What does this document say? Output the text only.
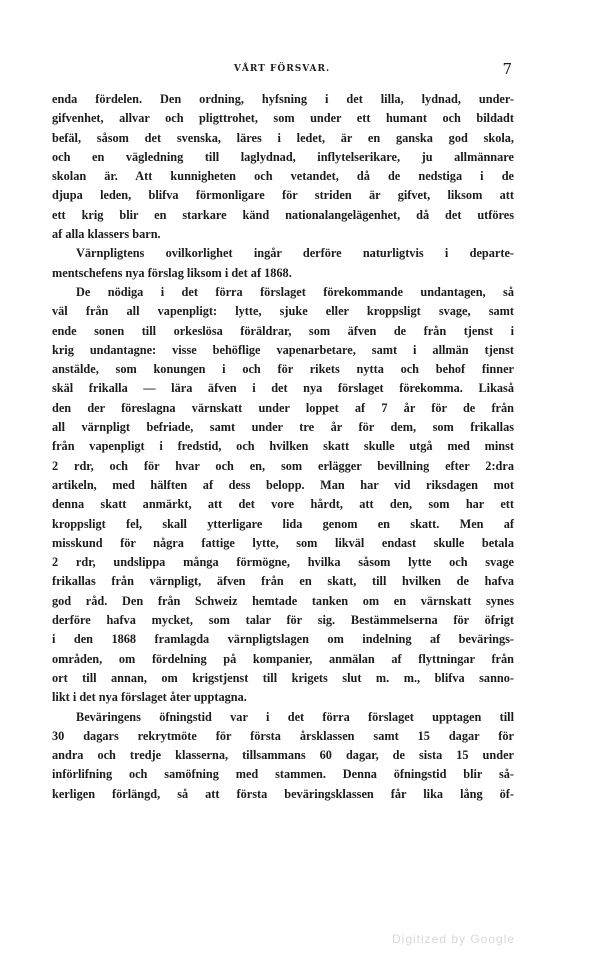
VÅRT FÖRSVAR.	7
enda fördelen. Den ordning, hyfsning i det lilla, lydnad, under-
gifvenhet, allvar och pligttrohet, som under ett humant och bildadt
befäl, såsom det svenska, läres i ledet, är en ganska god skola,
och en vägledning till laglydnad, inflytelserikare, ju allmännare
skolan är. Att kunnigheten och vetandet, då de nedstiga i de
djupa leden, blifva förmonligare för striden är gifvet, liksom att
ett krig blir en starkare känd nationalangelägenhet, då det utföres
af alla klassers barn.
Värnpligtens ovilkorlighet ingår derföre naturligtvis i departe-
mentschefens nya förslag liksom i det af 1868.
De nödiga i det förra förslaget förekommande undantagen, så
väl från all vapenpligt: lytte, sjuke eller kroppsligt svage, samt
ende sonen till orkeslösa föräldrar, som äfven de från tjenst i
krig undantagne: visse behöflige vapenarbetare, samt i allmän tjenst
anstälde, som konungen i och för rikets nytta och behof finner
skäl frikalla — lära äfven i det nya förslaget förekomma. Likaså
den der föreslagna värnskatt under loppet af 7 år för de från
all värnpligt befriade, samt under tre år för dem, som frikallas
från vapenpligt i fredstid, och hvilken skatt skulle utgå med minst
2 rdr, och för hvar och en, som erlägger bevillning efter 2:dra
artikeln, med hälften af dess belopp. Man har vid riksdagen mot
denna skatt anmärkt, att det vore hårdt, att den, som har ett
kroppsligt fel, skall ytterligare lida genom en skatt. Men af
misskund för några fattige lytte, som likväl endast skulle betala
2 rdr, undslippa många förmögne, hvilka såsom lytte och svage
frikallas från värnpligt, äfven från en skatt, till hvilken de hafva
god råd. Den från Schweiz hemtade tanken om en värnskatt synes
derföre hafva mycket, som talar för sig. Bestämmelserna för öfrigt
i den 1868 framlagda värnpligtslagen om indelning af bevärings-
områden, om fördelning på kompanier, anmälan af flyttningar från
ort till annan, om krigstjenst till krigets slut m. m., blifva sanno-
likt i det nya förslaget åter upptagna.
Beväringens öfningstid var i det förra förslaget upptagen till
30 dagars rekrytmöte för första årsklassen samt 15 dagar för
andra och tredje klasserna, tillsammans 60 dagar, de sista 15 under
införlifning och samöfning med stammen. Denna öfningstid blir så-
kerligen förlängd, så att första beväringsklassen får lika lång öf-
Digitized by Google
